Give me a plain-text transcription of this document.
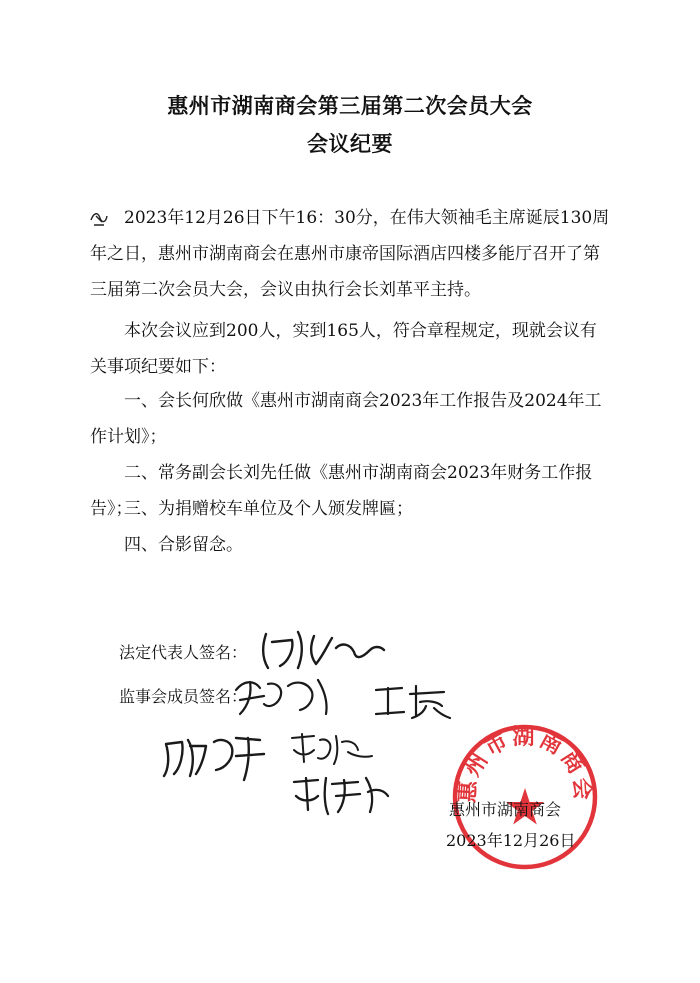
惠州市湖南商会第三届第二次会员大会
会议纪要

2023年12月26日下午16：30分，在伟大领袖毛主席诞辰130周年之日，惠州市湖南商会在惠州市康帝国际酒店四楼多能厅召开了第三届第二次会员大会，会议由执行会长刘革平主持。

本次会议应到200人，实到165人，符合章程规定，现就会议有关事项纪要如下：

一、会长何欣做《惠州市湖南商会2023年工作报告及2024年工作计划》；

二、常务副会长刘先任做《惠州市湖南商会2023年财务工作报告》；

三、为捐赠校车单位及个人颁发牌匾；

四、合影留念。

法定代表人签名：
监事会成员签名：
惠州市湖南商会
惠州市湖南商会
2023年12月26日
